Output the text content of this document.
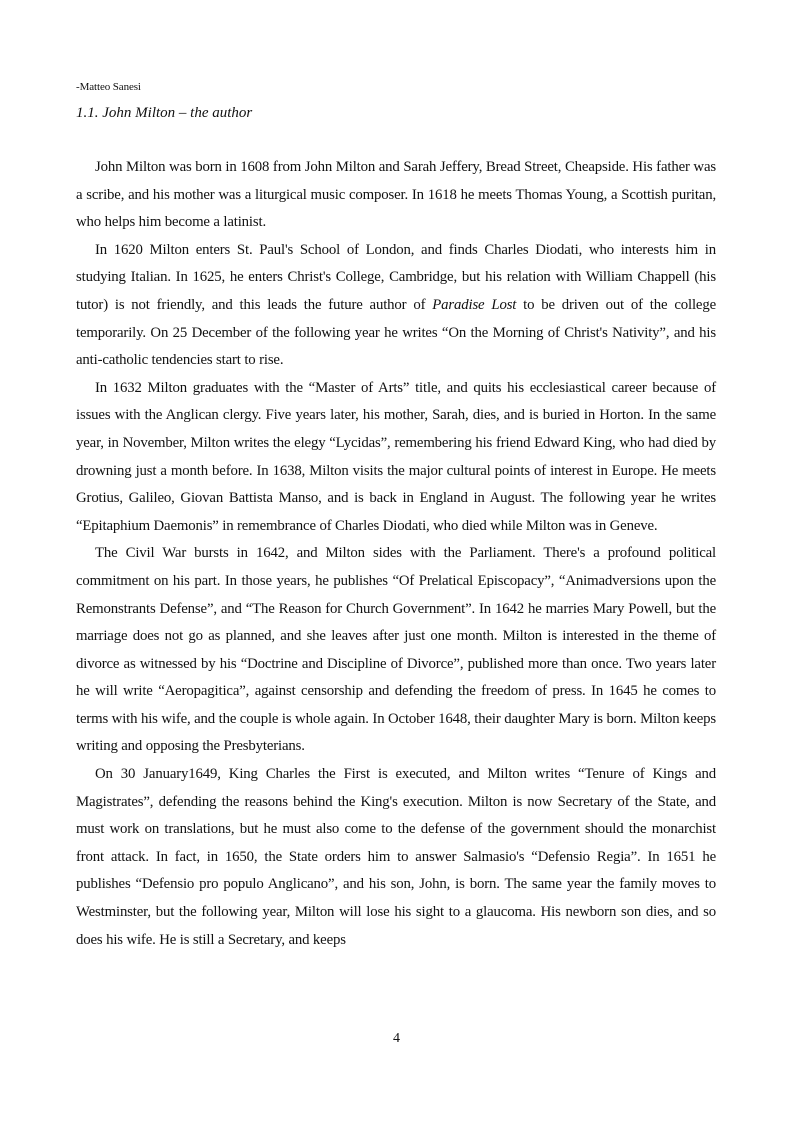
-Matteo Sanesi
1.1. John Milton – the author

John Milton was born in 1608 from John Milton and Sarah Jeffery, Bread Street, Cheapside. His father was a scribe, and his mother was a liturgical music composer. In 1618 he meets Thomas Young, a Scottish puritan, who helps him become a latinist.

In 1620 Milton enters St. Paul's School of London, and finds Charles Diodati, who interests him in studying Italian. In 1625, he enters Christ's College, Cambridge, but his relation with William Chappell (his tutor) is not friendly, and this leads the future author of Paradise Lost to be driven out of the college temporarily. On 25 December of the following year he writes “On the Morning of Christ's Nativity”, and his anti-catholic tendencies start to rise.

In 1632 Milton graduates with the “Master of Arts” title, and quits his ecclesiastical career because of issues with the Anglican clergy. Five years later, his mother, Sarah, dies, and is buried in Horton. In the same year, in November, Milton writes the elegy “Lycidas”, remembering his friend Edward King, who had died by drowning just a month before. In 1638, Milton visits the major cultural points of interest in Europe. He meets Grotius, Galileo, Giovan Battista Manso, and is back in England in August. The following year he writes “Epitaphium Daemonis” in remembrance of Charles Diodati, who died while Milton was in Geneve.

The Civil War bursts in 1642, and Milton sides with the Parliament. There's a profound political commitment on his part. In those years, he publishes “Of Prelatical Episcopacy”, “Animadversions upon the Remonstrants Defense”, and “The Reason for Church Government”. In 1642 he marries Mary Powell, but the marriage does not go as planned, and she leaves after just one month. Milton is interested in the theme of divorce as witnessed by his “Doctrine and Discipline of Divorce”, published more than once. Two years later he will write “Aeropagitica”, against censorship and defending the freedom of press. In 1645 he comes to terms with his wife, and the couple is whole again. In October 1648, their daughter Mary is born. Milton keeps writing and opposing the Presbyterians.

On 30 January1649, King Charles the First is executed, and Milton writes “Tenure of Kings and Magistrates”, defending the reasons behind the King's execution. Milton is now Secretary of the State, and must work on translations, but he must also come to the defense of the government should the monarchist front attack. In fact, in 1650, the State orders him to answer Salmasio's “Defensio Regia”. In 1651 he publishes “Defensio pro populo Anglicano”, and his son, John, is born. The same year the family moves to Westminster, but the following year, Milton will lose his sight to a glaucoma. His newborn son dies, and so does his wife. He is still a Secretary, and keeps

4
